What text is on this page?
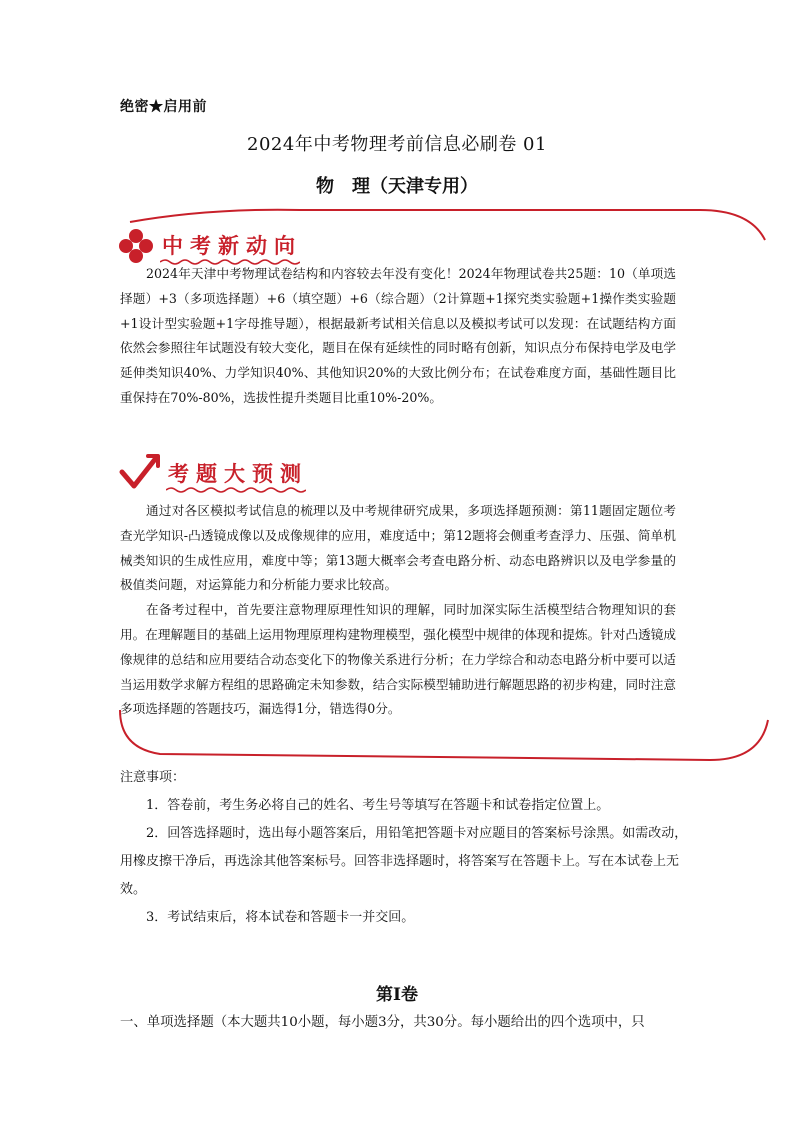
绝密★启用前
2024年中考物理考前信息必刷卷 01
物　理（天津专用）
中考新动向

2024年天津中考物理试卷结构和内容较去年没有变化！2024年物理试卷共25题：10（单项选择题）+3（多项选择题）+6（填空题）+6（综合题）（2计算题+1探究类实验题+1操作类实验题+1设计型实验题+1字母推导题），根据最新考试相关信息以及模拟考试可以发现：在试题结构方面依然会参照往年试题没有较大变化，题目在保有延续性的同时略有创新，知识点分布保持电学及电学延伸类知识40%、力学知识40%、其他知识20%的大致比例分布；在试卷难度方面，基础性题目比重保持在70%-80%，选拔性提升类题目比重10%-20%。

考题大预测

通过对各区模拟考试信息的梳理以及中考规律研究成果，多项选择题预测：第11题固定题位考查光学知识-凸透镜成像以及成像规律的应用，难度适中；第12题将会侧重考查浮力、压强、简单机械类知识的生成性应用，难度中等；第13题大概率会考查电路分析、动态电路辨识以及电学参量的极值类问题，对运算能力和分析能力要求比较高。

在备考过程中，首先要注意物理原理性知识的理解，同时加深实际生活模型结合物理知识的套用。在理解题目的基础上运用物理原理构建物理模型，强化模型中规律的体现和提炼。针对凸透镜成像规律的总结和应用要结合动态变化下的物像关系进行分析；在力学综合和动态电路分析中要可以适当运用数学求解方程组的思路确定未知参数，结合实际模型辅助进行解题思路的初步构建，同时注意多项选择题的答题技巧，漏选得1分，错选得0分。

注意事项：

1．答卷前，考生务必将自己的姓名、考生号等填写在答题卡和试卷指定位置上。

2．回答选择题时，选出每小题答案后，用铅笔把答题卡对应题目的答案标号涂黑。如需改动，用橡皮擦干净后，再选涂其他答案标号。回答非选择题时，将答案写在答题卡上。写在本试卷上无效。

3．考试结束后，将本试卷和答题卡一并交回。

第Ⅰ卷
一、单项选择题（本大题共10小题，每小题3分，共30分。每小题给出的四个选项中，只
